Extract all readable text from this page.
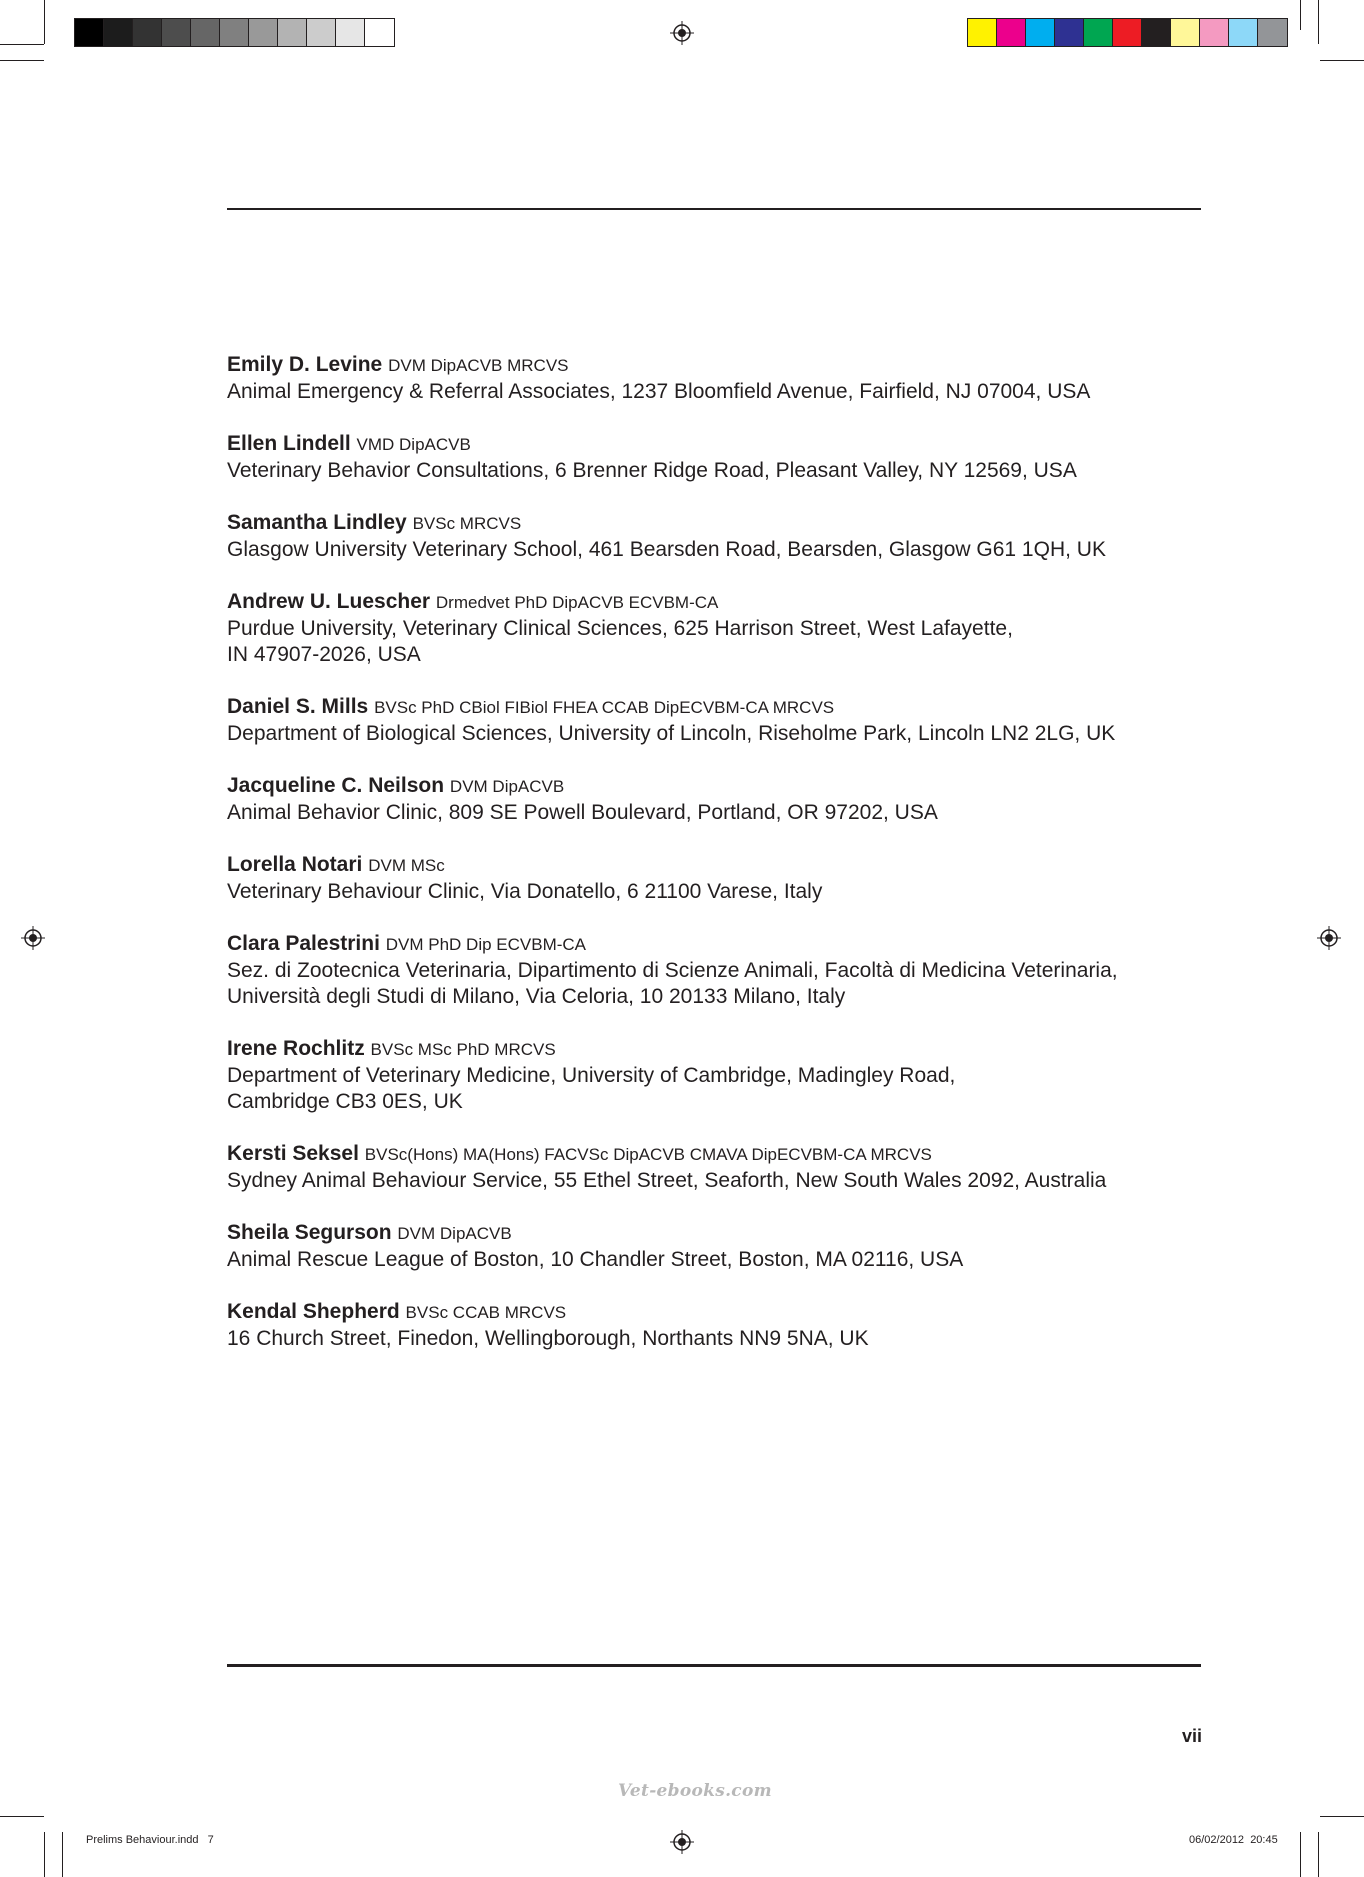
Emily D. Levine DVM DipACVB MRCVS

Animal Emergency & Referral Associates, 1237 Bloomfield Avenue, Fairfield, NJ 07004, USA

Ellen Lindell VMD DipACVB

Veterinary Behavior Consultations, 6 Brenner Ridge Road, Pleasant Valley, NY 12569, USA

Samantha Lindley BVSc MRCVS

Glasgow University Veterinary School, 461 Bearsden Road, Bearsden, Glasgow G61 1QH, UK

Andrew U. Luescher Drmedvet PhD DipACVB ECVBM-CA

Purdue University, Veterinary Clinical Sciences, 625 Harrison Street, West Lafayette,

IN 47907-2026, USA

Daniel S. Mills BVSc PhD CBiol FIBiol FHEA CCAB DipECVBM-CA MRCVS

Department of Biological Sciences, University of Lincoln, Riseholme Park, Lincoln LN2 2LG, UK

Jacqueline C. Neilson DVM DipACVB

Animal Behavior Clinic, 809 SE Powell Boulevard, Portland, OR 97202, USA

Lorella Notari DVM MSc

Veterinary Behaviour Clinic, Via Donatello, 6 21100 Varese, Italy

Clara Palestrini DVM PhD Dip ECVBM-CA

Sez. di Zootecnica Veterinaria, Dipartimento di Scienze Animali, Facoltà di Medicina Veterinaria,

Università degli Studi di Milano, Via Celoria, 10 20133 Milano, Italy

Irene Rochlitz BVSc MSc PhD MRCVS

Department of Veterinary Medicine, University of Cambridge, Madingley Road,

Cambridge CB3 0ES, UK

Kersti Seksel BVSc(Hons) MA(Hons) FACVSc DipACVB CMAVA DipECVBM-CA MRCVS

Sydney Animal Behaviour Service, 55 Ethel Street, Seaforth, New South Wales 2092, Australia

Sheila Segurson DVM DipACVB

Animal Rescue League of Boston, 10 Chandler Street, Boston, MA 02116, USA

Kendal Shepherd BVSc CCAB MRCVS

16 Church Street, Finedon, Wellingborough, Northants NN9 5NA, UK

vii
Vet-ebooks.com
Prelims Behaviour.indd   7	06/02/2012 20:45
